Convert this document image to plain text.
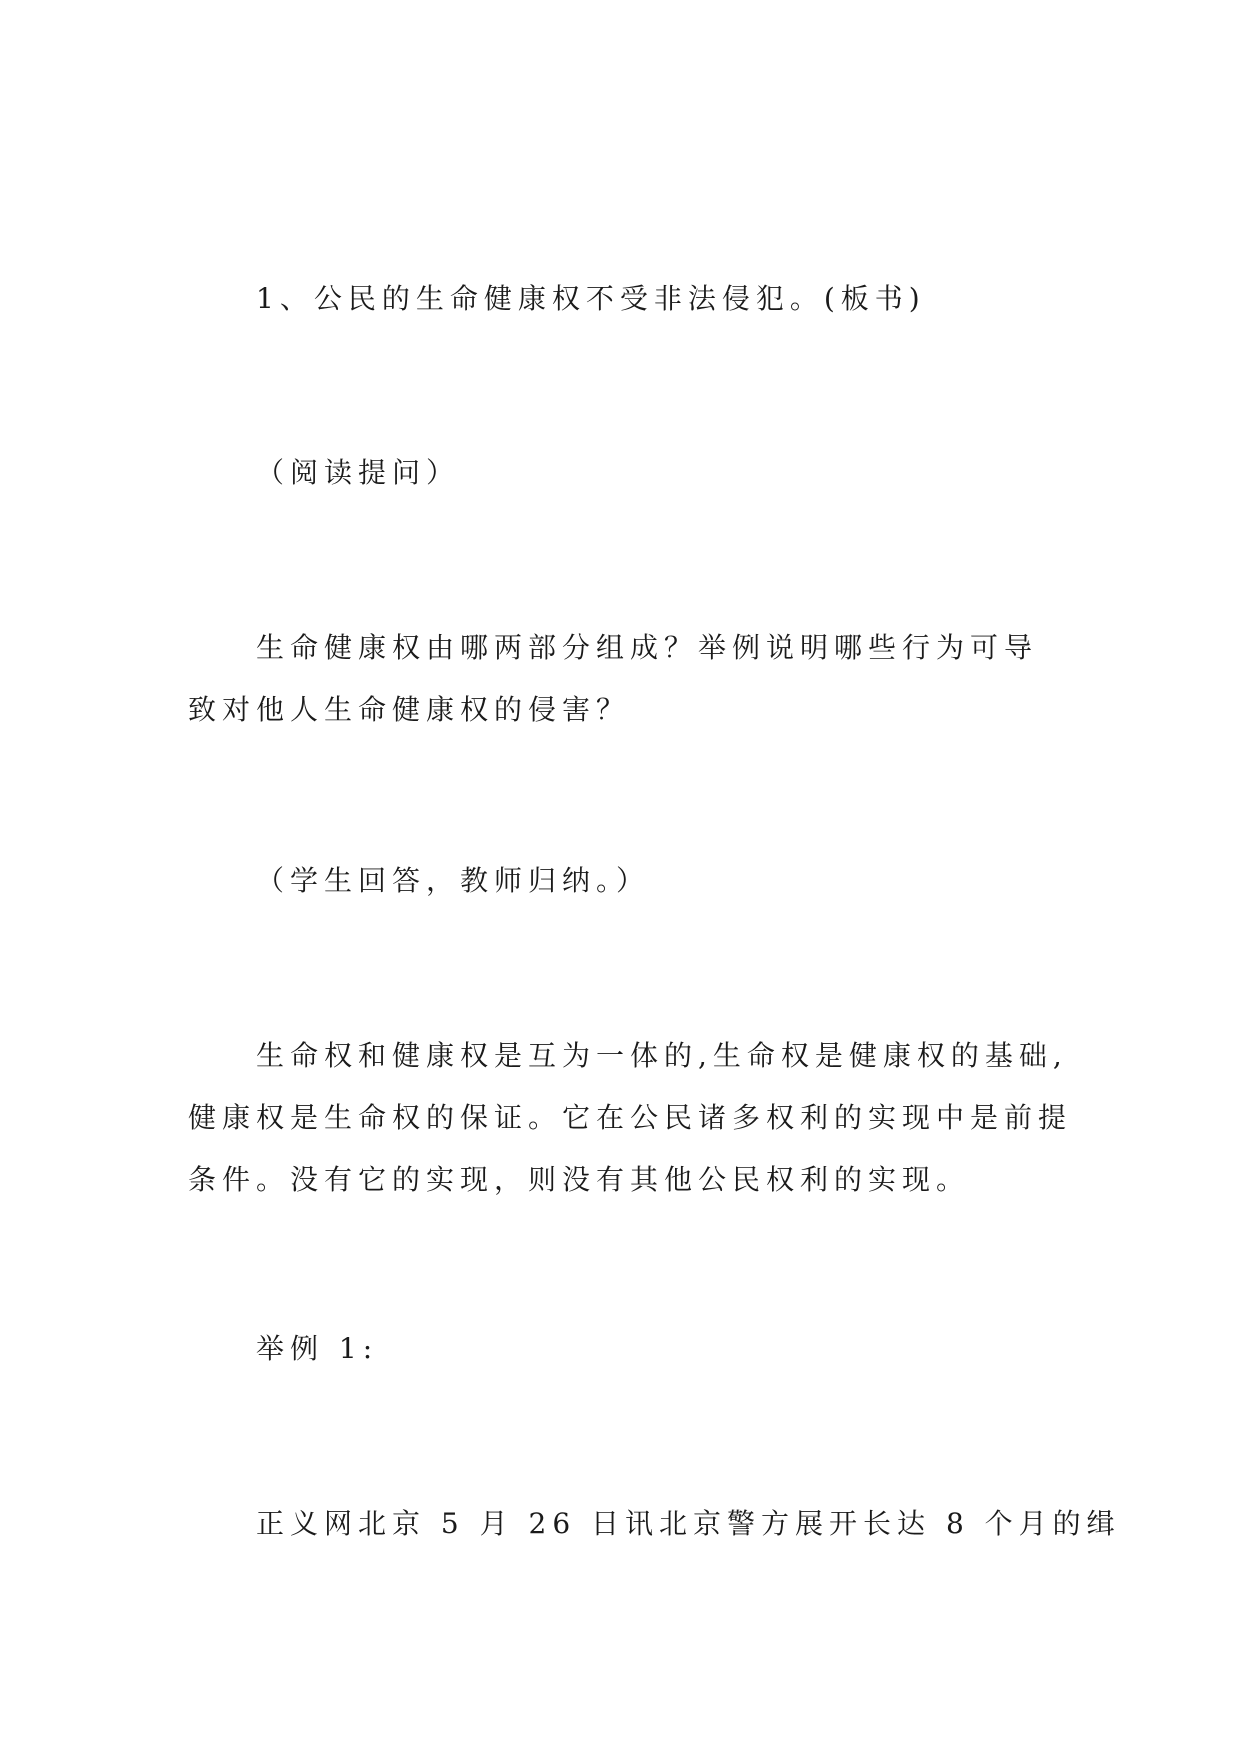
1、公民的生命健康权不受非法侵犯。(板书)

（阅读提问）

生命健康权由哪两部分组成？举例说明哪些行为可导
致对他人生命健康权的侵害？

（学生回答，教师归纳。）

生命权和健康权是互为一体的,生命权是健康权的基础,
健康权是生命权的保证。它在公民诸多权利的实现中是前提
条件。没有它的实现，则没有其他公民权利的实现。

举例 1:

正义网北京 5 月 26 日讯北京警方展开长达 8 个月的缉
